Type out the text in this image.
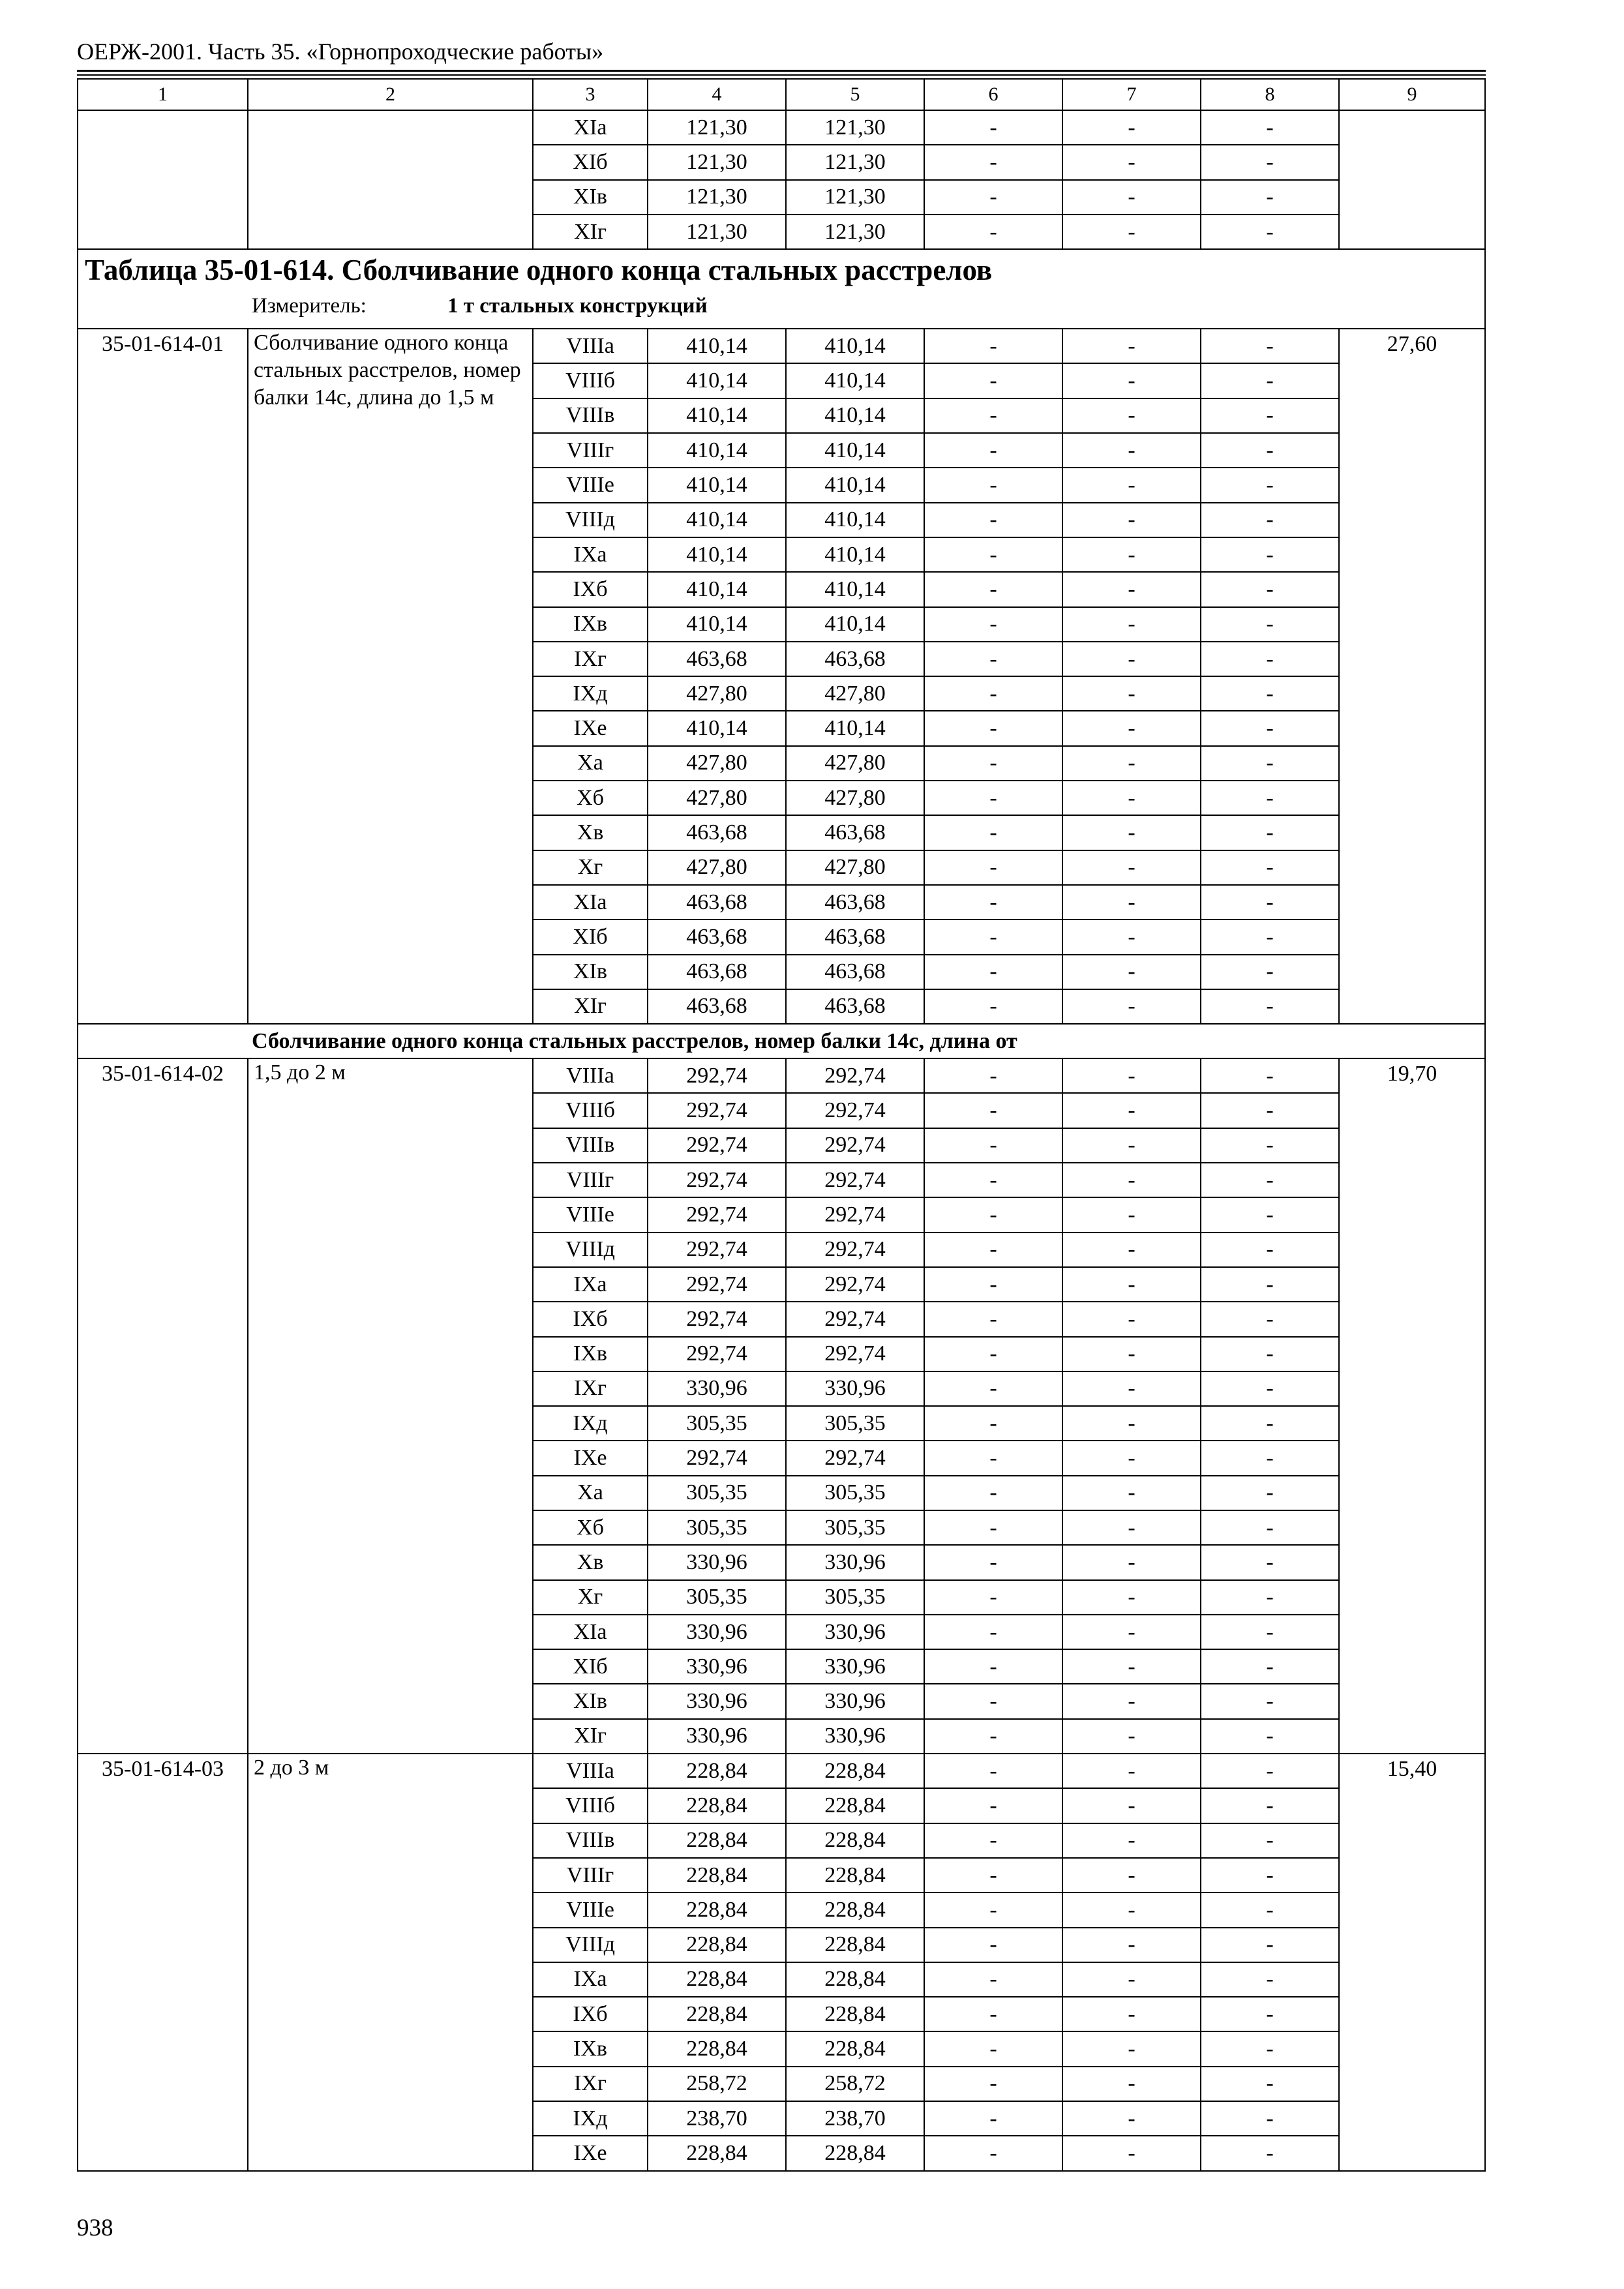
ОЕРЖ-2001. Часть 35. «Горнопроходческие работы»
1	2	3	4	5	6	7	8	9
		XIa	121,30	121,30	-	-	-	
		XIб	121,30	121,30	-	-	-	
		XIв	121,30	121,30	-	-	-	
		XIг	121,30	121,30	-	-	-	

Таблица 35-01-614. Сболчивание одного конца стальных расстрелов
Измеритель: 1 т стальных конструкций								

35-01-614-01	Сболчивание одного конца стальных расстрелов, номер балки 14с, длина до 1,5 м	VIIIa	410,14	410,14	-	-	-	27,60
		VIIIб	410,14	410,14	-	-	-	
		VIIIв	410,14	410,14	-	-	-	
		VIIIг	410,14	410,14	-	-	-	
		VIIIe	410,14	410,14	-	-	-	
		VIIIд	410,14	410,14	-	-	-	
		IXa	410,14	410,14	-	-	-	
		IXб	410,14	410,14	-	-	-	
		IXв	410,14	410,14	-	-	-	
		IXг	463,68	463,68	-	-	-	
		IXд	427,80	427,80	-	-	-	
		IXe	410,14	410,14	-	-	-	
		Xa	427,80	427,80	-	-	-	
		Xб	427,80	427,80	-	-	-	
		Xв	463,68	463,68	-	-	-	
		Xг	427,80	427,80	-	-	-	
		XIa	463,68	463,68	-	-	-	
		XIб	463,68	463,68	-	-	-	
		XIв	463,68	463,68	-	-	-	
		XIг	463,68	463,68	-	-	-	

Сболчивание одного конца стальных расстрелов, номер балки 14с, длина от								

35-01-614-02	1,5 до 2 м	VIIIa	292,74	292,74	-	-	-	19,70
		VIIIб	292,74	292,74	-	-	-	
		VIIIв	292,74	292,74	-	-	-	
		VIIIг	292,74	292,74	-	-	-	
		VIIIe	292,74	292,74	-	-	-	
		VIIIд	292,74	292,74	-	-	-	
		IXa	292,74	292,74	-	-	-	
		IXб	292,74	292,74	-	-	-	
		IXв	292,74	292,74	-	-	-	
		IXг	330,96	330,96	-	-	-	
		IXд	305,35	305,35	-	-	-	
		IXe	292,74	292,74	-	-	-	
		Xa	305,35	305,35	-	-	-	
		Xб	305,35	305,35	-	-	-	
		Xв	330,96	330,96	-	-	-	
		Xг	305,35	305,35	-	-	-	
		XIa	330,96	330,96	-	-	-	
		XIб	330,96	330,96	-	-	-	
		XIв	330,96	330,96	-	-	-	
		XIг	330,96	330,96	-	-	-	
35-01-614-03	2 до 3 м	VIIIa	228,84	228,84	-	-	-	15,40
		VIIIб	228,84	228,84	-	-	-	
		VIIIв	228,84	228,84	-	-	-	
		VIIIг	228,84	228,84	-	-	-	
		VIIIe	228,84	228,84	-	-	-	
		VIIIд	228,84	228,84	-	-	-	
		IXa	228,84	228,84	-	-	-	
		IXб	228,84	228,84	-	-	-	
		IXв	228,84	228,84	-	-	-	
		IXг	258,72	258,72	-	-	-	
		IXд	238,70	238,70	-	-	-	
		IXe	228,84	228,84	-	-	-	
938
